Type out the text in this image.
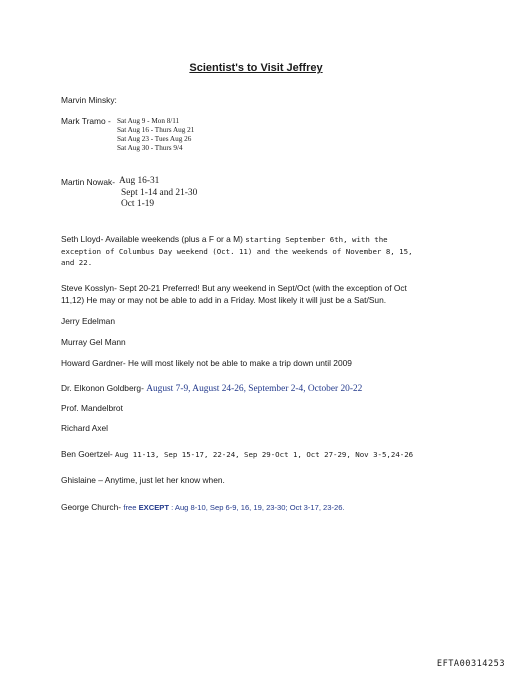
Scientist's to Visit Jeffrey
Marvin Minsky:
Mark Tramo - Sat Aug 9 - Mon 8/11
Sat Aug 16 - Thurs Aug 21
Sat Aug 23 - Tues Aug 26
Sat Aug 30 - Thurs 9/4
Martin Nowak- Aug 16-31
Sept 1-14 and 21-30
Oct 1-19
Seth Lloyd- Available weekends (plus a F or a M) starting September 6th, with the
exception of Columbus Day weekend (Oct. 11) and the weekends of November 8, 15,
and 22.
Steve Kosslyn- Sept 20-21 Preferred! But any weekend in Sept/Oct (with the exception of Oct
11,12) He may or may not be able to add in a Friday. Most likely it will just be a Sat/Sun.
Jerry Edelman
Murray Gel Mann
Howard Gardner- He will most likely not be able to make a trip down until 2009
Dr. Elkonon Goldberg- August 7-9, August 24-26, September 2-4, October 20-22
Prof. Mandelbrot
Richard Axel
Ben Goertzel- Aug 11-13, Sep 15-17, 22-24, Sep 29-Oct 1, Oct 27-29, Nov 3-5,24-26
Ghislaine – Anytime, just let her know when.
George Church- free EXCEPT : Aug 8-10, Sep 6-9, 16, 19, 23-30; Oct 3-17, 23-26.
EFTA00314253
